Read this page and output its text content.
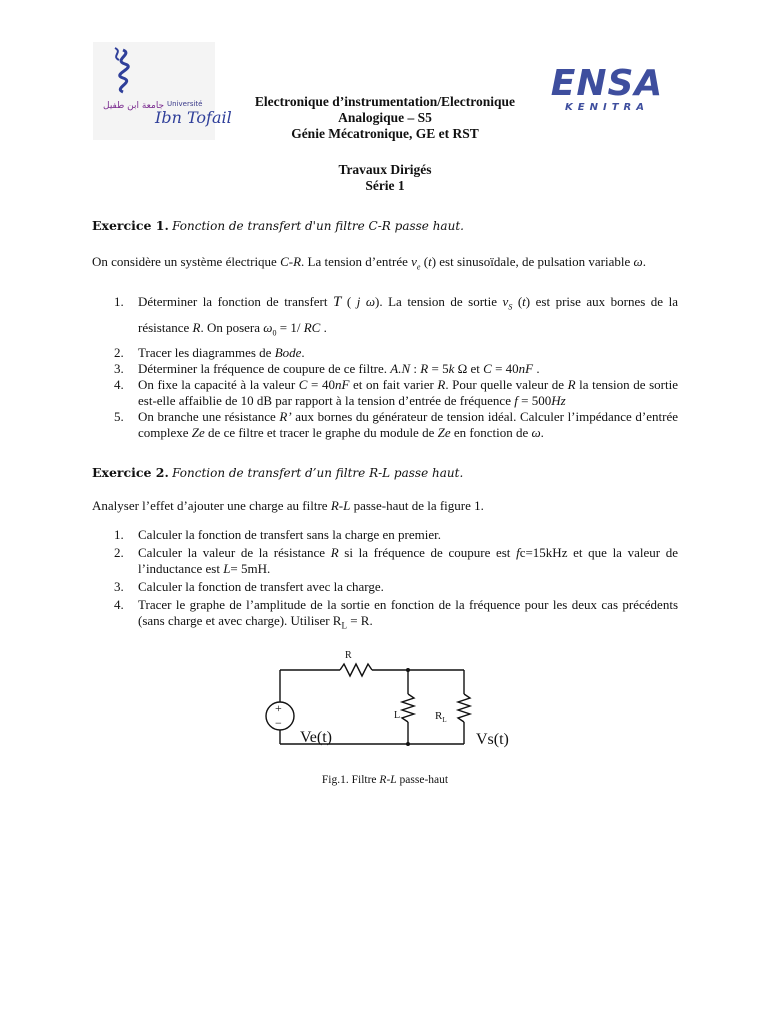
جامعة ابن طفيل Université
Ibn Tofail
ENSA
KENITRA
Electronique d’instrumentation/Electronique
Analogique – S5
Génie Mécatronique, GE et RST
Travaux Dirigés
Série 1
Exercice 1. Fonction de transfert d'un filtre C-R passe haut.
On considère un système électrique C-R. La tension d’entrée $v_e$ (t) est sinusoïdale, de pulsation variable ω.
1. Déterminer la fonction de transfert T ( j ω). La tension de sortie $v_S$ (t) est prise aux bornes de la résistance R. On posera $\omega_0 = 1/$ RC .
2. Tracer les diagrammes de Bode.
3. Déterminer la fréquence de coupure de ce filtre. A.N : R = 5k Ω et C = 40nF .
4. On fixe la capacité à la valeur C = 40nF et on fait varier R. Pour quelle valeur de R la tension de sortie est-elle affaiblie de 10 dB par rapport à la tension d’entrée de fréquence f = 500Hz
5. On branche une résistance R’ aux bornes du générateur de tension idéal. Calculer l’impédance d’entrée complexe Ze de ce filtre et tracer le graphe du module de Ze en fonction de ω.
Exercice 2. Fonction de transfert d’un filtre R-L passe haut.
Analyser l’effet d’ajouter une charge au filtre R-L passe-haut de la figure 1.
1. Calculer la fonction de transfert sans la charge en premier.
2. Calculer la valeur de la résistance R si la fréquence de coupure est fc=15kHz et que la valeur de l’inductance est L= 5mH.
3. Calculer la fonction de transfert avec la charge.
4. Tracer le graphe de l’amplitude de la sortie en fonction de la fréquence pour les deux cas précédents (sans charge et avec charge). Utiliser $R_L = R$.
R
L	$R_L$
+
−
Ve(t)	Vs(t)
Fig.1. Filtre R-L passe-haut
